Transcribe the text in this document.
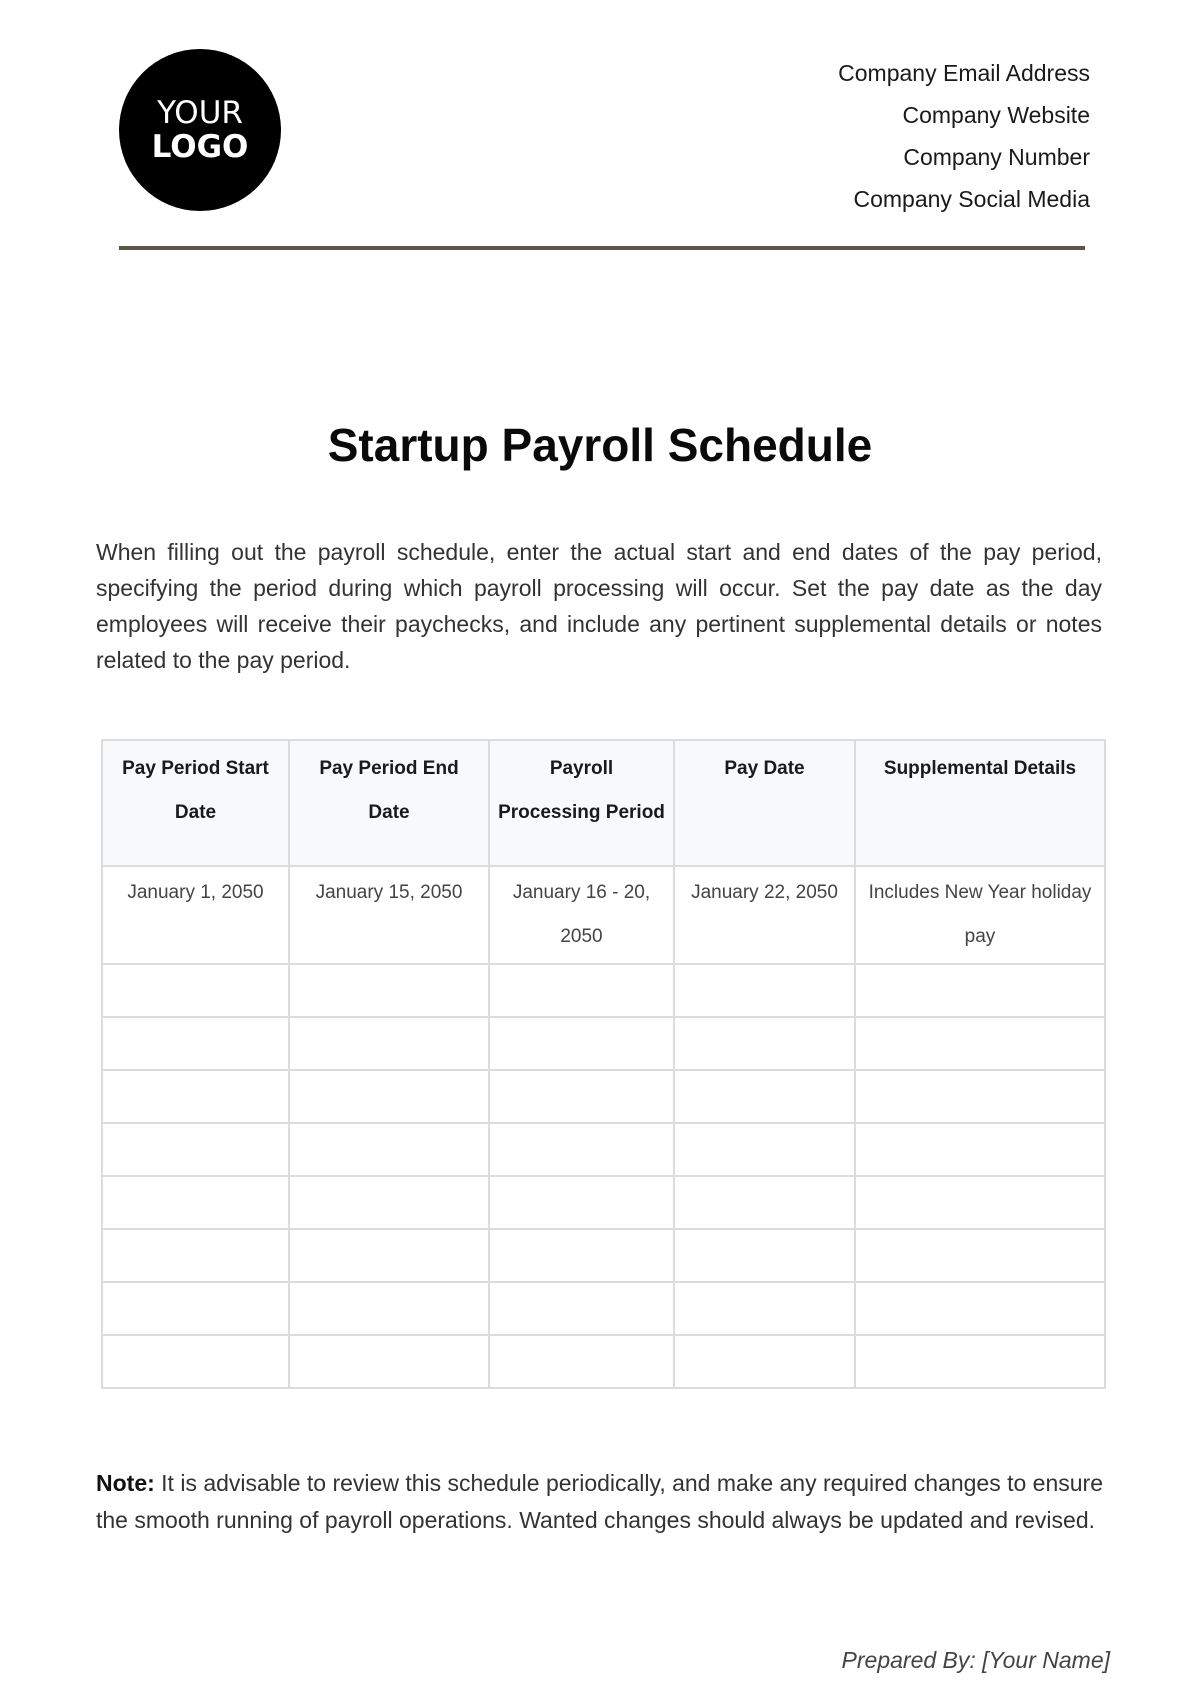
YOUR
LOGO
Company Email Address
Company Website
Company Number
Company Social Media
Startup Payroll Schedule

When filling out the payroll schedule, enter the actual start and end dates of the pay period, specifying the period during which payroll processing will occur. Set the pay date as the day employees will receive their paychecks, and include any pertinent supplemental details or notes related to the pay period.

Pay Period Start Date	Pay Period End Date	Payroll Processing Period	Pay Date	Supplemental Details
January 1, 2050	January 15, 2050	January 16 - 20, 2050	January 22, 2050	Includes New Year holiday pay

Note: It is advisable to review this schedule periodically, and make any required changes to ensure the smooth running of payroll operations. Wanted changes should always be updated and revised.

Prepared By: [Your Name]
